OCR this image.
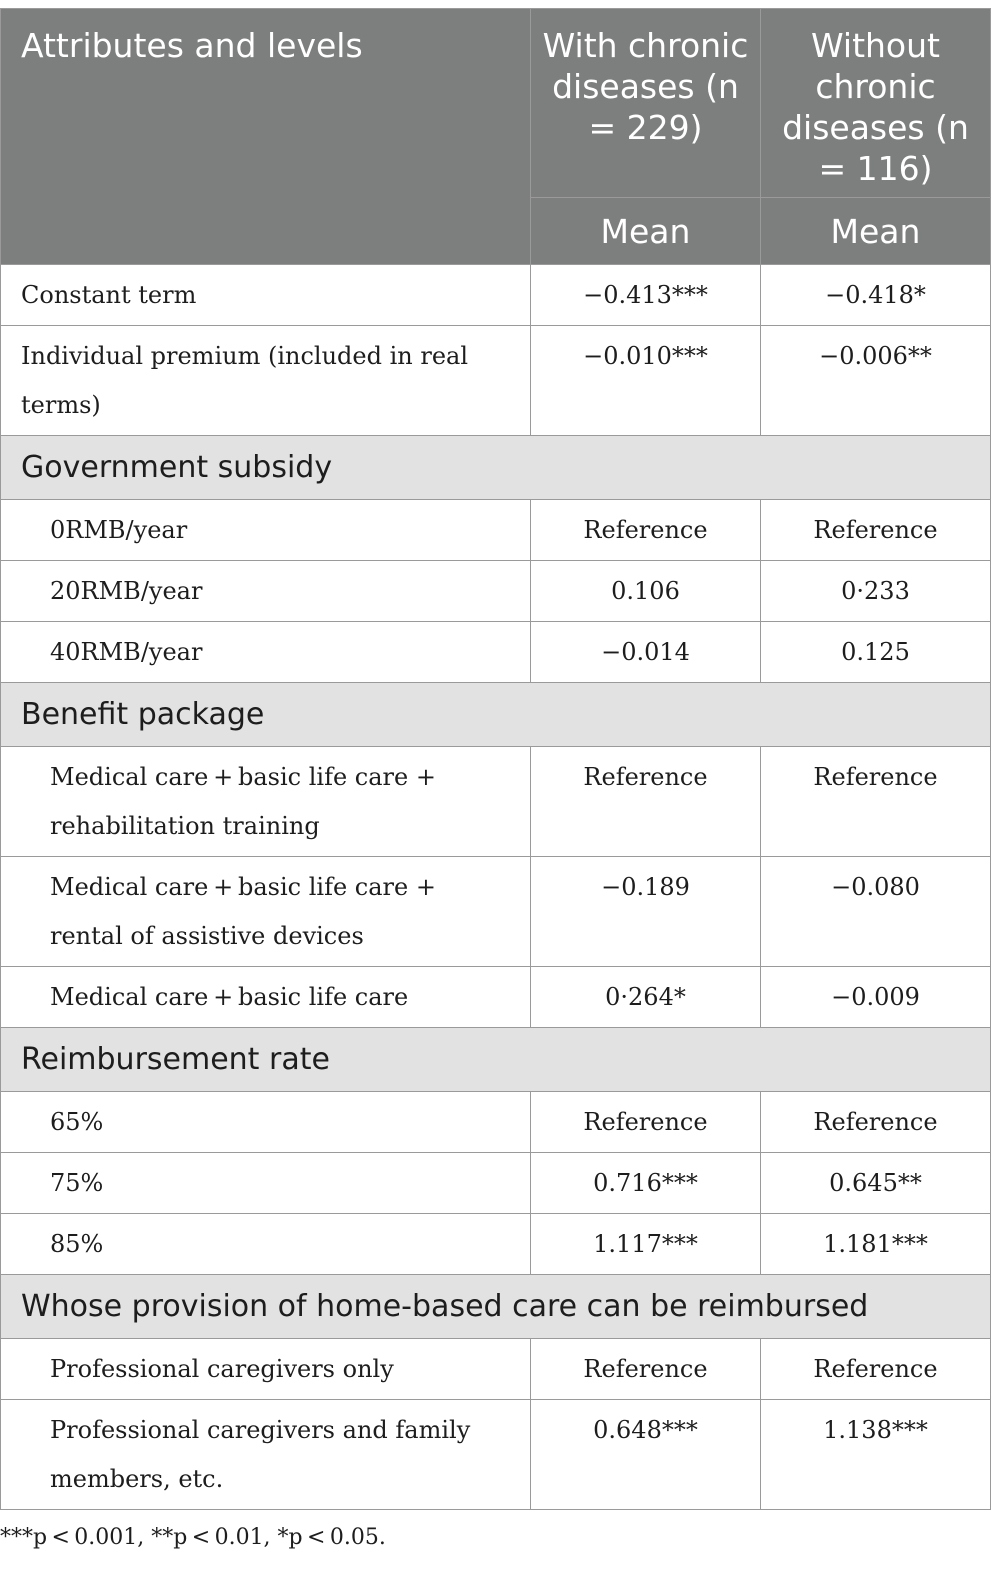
Attributes and levels	With chronic diseases (n = 229)	Without chronic diseases (n = 116)
	Mean	Mean
Constant term	−0.413***	−0.418*
Individual premium (included in real terms)	−0.010***	−0.006**
Government subsidy		
0RMB/year	Reference	Reference
20RMB/year	0.106	0·233
40RMB/year	−0.014	0.125
Benefit package		
Medical care + basic life care + rehabilitation training	Reference	Reference
Medical care + basic life care + rental of assistive devices	−0.189	−0.080
Medical care + basic life care	0·264*	−0.009
Reimbursement rate		
65%	Reference	Reference
75%	0.716***	0.645**
85%	1.117***	1.181***
Whose provision of home-based care can be reimbursed		
Professional caregivers only	Reference	Reference
Professional caregivers and family members, etc.	0.648***	1.138***
***p < 0.001, **p < 0.01, *p < 0.05.
